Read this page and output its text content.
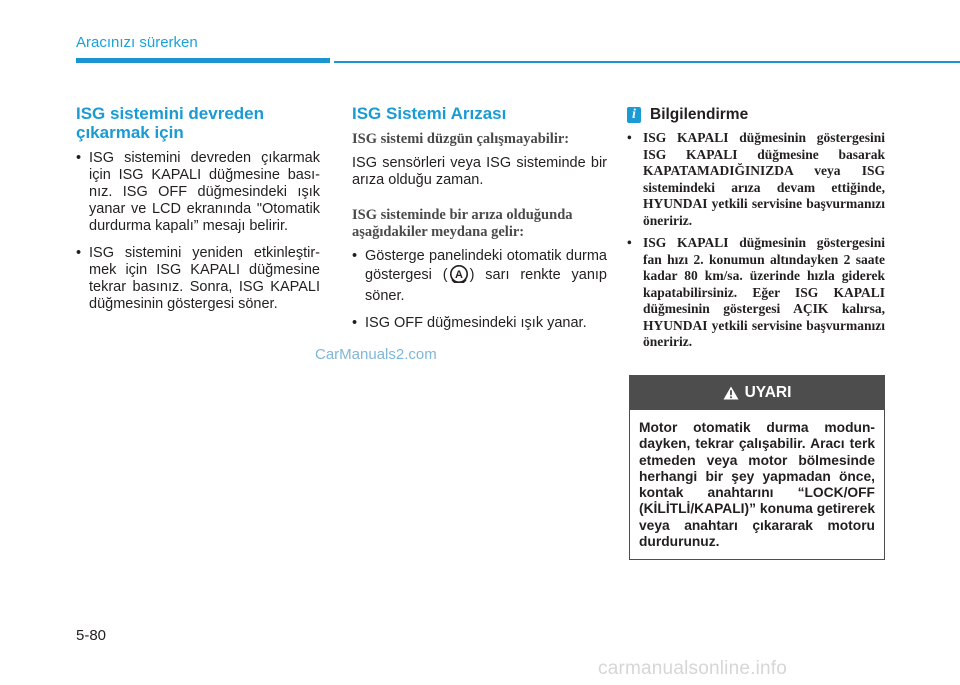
Aracınızı sürerken
ISG sistemini devreden çıkarmak için
• ISG sistemini devreden çıkarmak için ISG KAPALI düğmesine basınız. ISG OFF düğmesindeki ışık yanar ve LCD ekranında "Otomatik durdurma kapalı” mesajı belirir.
• ISG sistemini yeniden etkinleştirmek için ISG KAPALI düğmesine tekrar basınız. Sonra, ISG KAPALI düğmesinin göstergesi söner.
ISG Sistemi Arızası
ISG sistemi düzgün çalışmayabilir:

ISG sensörleri veya ISG sisteminde bir arıza olduğu zaman.

ISG sisteminde bir arıza olduğunda aşağıdakiler meydana gelir:
• Gösterge panelindeki otomatik durma göstergesi ( A ) sarı renkte yanıp söner.
• ISG OFF düğmesindeki ışık yanar.
i Bilgilendirme
• ISG KAPALI düğmesinin göstergesini ISG KAPALI düğmesine basarak KAPATAMADIĞINIZDA veya ISG sistemindeki arıza devam ettiğinde, HYUNDAI yetkili servisine başvurmanızı öneririz.
• ISG KAPALI düğmesinin göstergesini fan hızı 2. konumun altındayken 2 saate kadar 80 km/sa. üzerinde hızla giderek kapatabilirsiniz. Eğer ISG KAPALI düğmesinin göstergesi AÇIK kalırsa, HYUNDAI yetkili servisine başvurmanızı öneririz.
UYARI
Motor otomatik durma modundayken, tekrar çalışabilir. Aracı terk etmeden veya motor bölmesinde herhangi bir şey yapmadan önce, kontak anahtarını “LOCK/OFF (KİLİTLİ/KAPALI)” konuma getirerek veya anahtarı çıkararak motoru durdurunuz.
CarManuals2.com
5-80
carmanualsonline.info
